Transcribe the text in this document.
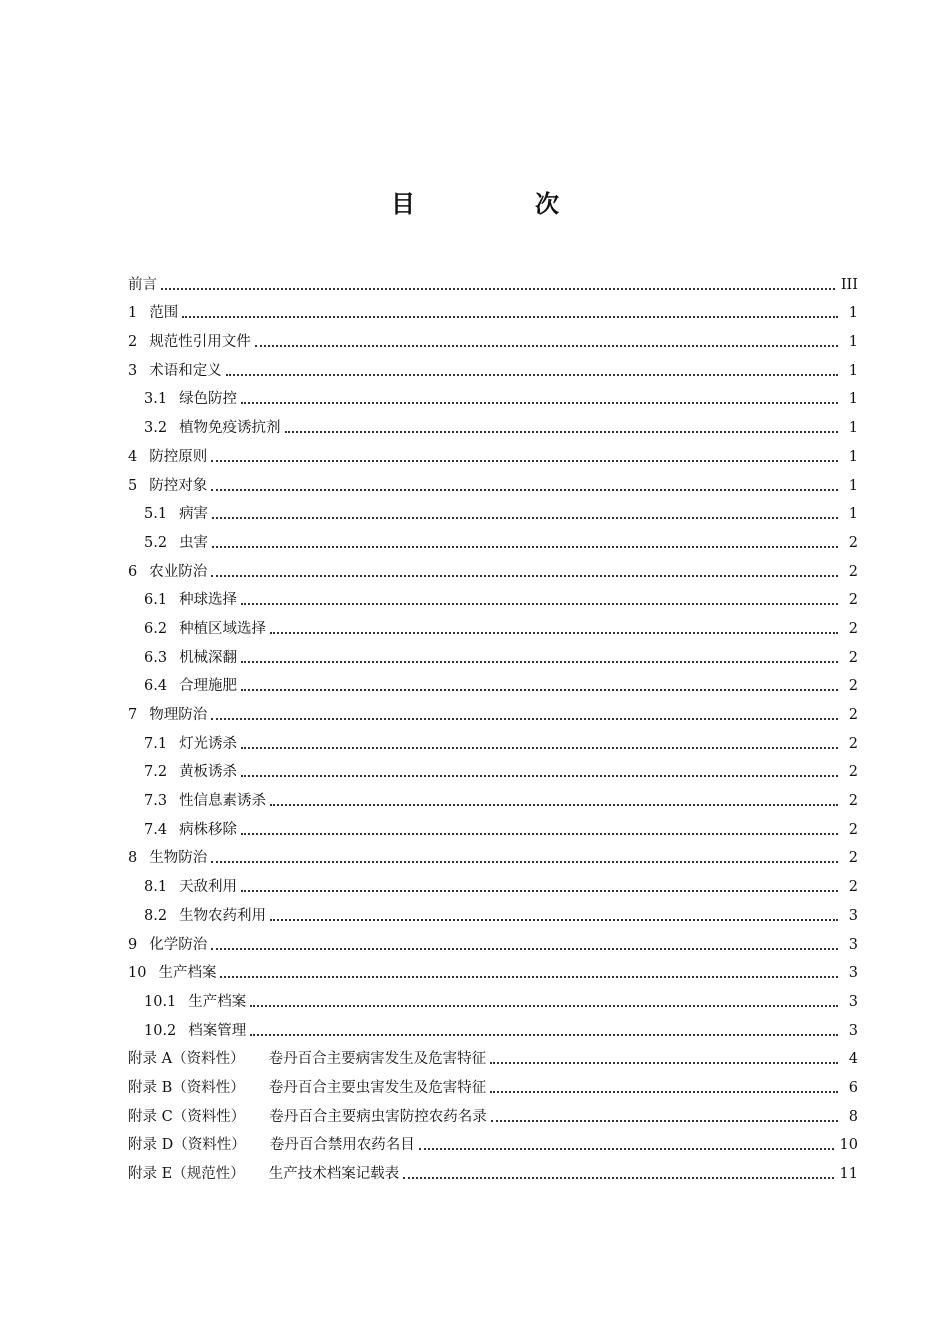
目　次
前言	III
1 范围	1
2 规范性引用文件	1
3 术语和定义	1
3.1 绿色防控	1
3.2 植物免疫诱抗剂	1
4 防控原则	1
5 防控对象	1
5.1 病害	1
5.2 虫害	2
6 农业防治	2
6.1 种球选择	2
6.2 种植区域选择	2
6.3 机械深翻	2
6.4 合理施肥	2
7 物理防治	2
7.1 灯光诱杀	2
7.2 黄板诱杀	2
7.3 性信息素诱杀	2
7.4 病株移除	2
8 生物防治	2
8.1 天敌利用	2
8.2 生物农药利用	3
9 化学防治	3
10 生产档案	3
10.1 生产档案	3
10.2 档案管理	3
附录 A（资料性） 卷丹百合主要病害发生及危害特征	4
附录 B（资料性） 卷丹百合主要虫害发生及危害特征	6
附录 C（资料性） 卷丹百合主要病虫害防控农药名录	8
附录 D（资料性） 卷丹百合禁用农药名目	10
附录 E（规范性） 生产技术档案记载表	11
